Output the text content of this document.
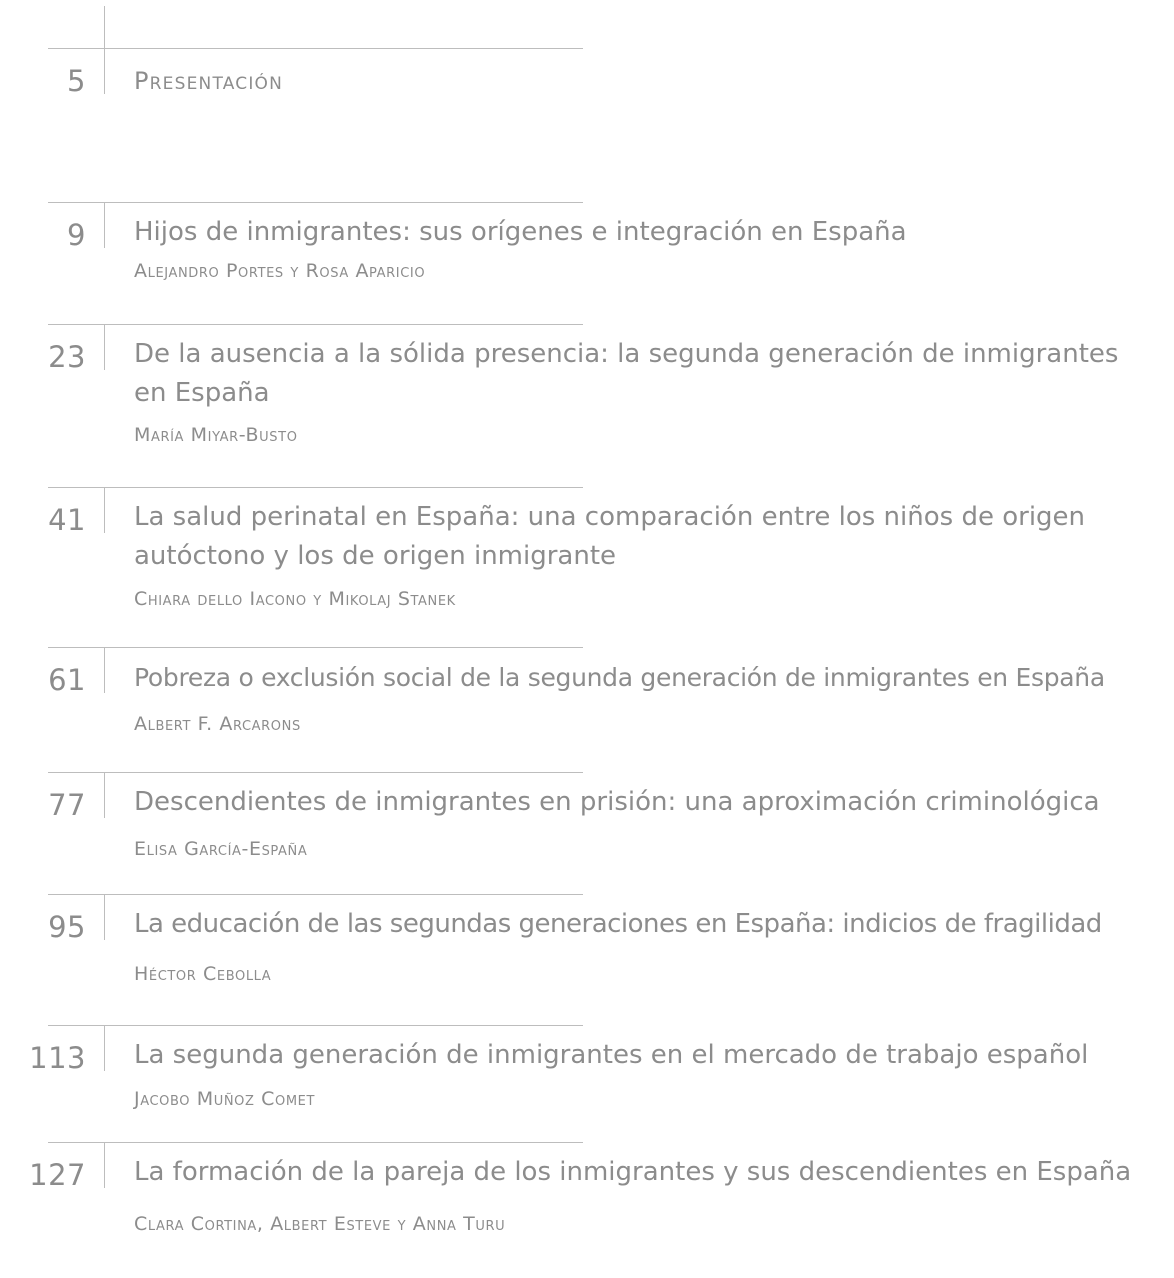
5 Presentación
9 Hijos de inmigrantes: sus orígenes e integración en España
Alejandro Portes y Rosa Aparicio
23 De la ausencia a la sólida presencia: la segunda generación de inmigrantes en España
María Miyar-Busto
41 La salud perinatal en España: una comparación entre los niños de origen autóctono y los de origen inmigrante
Chiara dello Iacono y Mikolaj Stanek
61 Pobreza o exclusión social de la segunda generación de inmigrantes en España
Albert F. Arcarons
77 Descendientes de inmigrantes en prisión: una aproximación criminológica
Elisa García-España
95 La educación de las segundas generaciones en España: indicios de fragilidad
Héctor Cebolla
113 La segunda generación de inmigrantes en el mercado de trabajo español
Jacobo Muñoz Comet
127 La formación de la pareja de los inmigrantes y sus descendientes en España
Clara Cortina, Albert Esteve y Anna Turu
